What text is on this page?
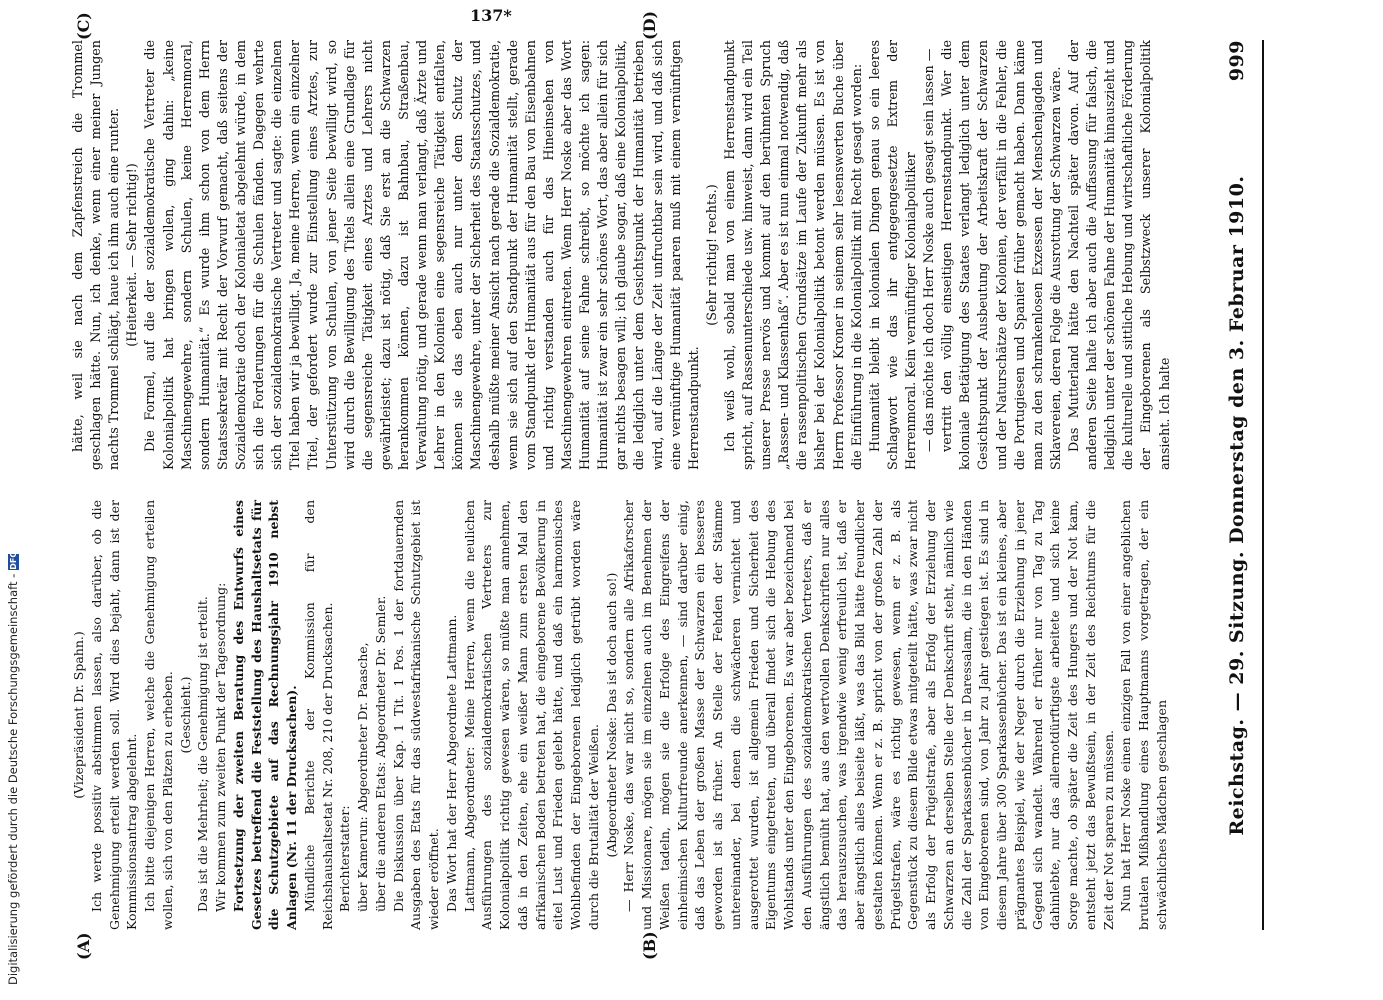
Reichstag. — 29. Sitzung. Donnerstag den 3. Februar 1910.
999

(Vizepräsident Dr. Spahn.) Ich werde possitiv abstimmen lassen, also darüber, ob die Genehmigung erteilt werden soll. Wird dies bejaht, dann ist der Kommissionsantrag abgelehnt. Ich bitte diejenigen Herren, welche die Genehmigung erteilen wollen, sich von den Plätzen zu erheben. (Geschieht.) Das ist die Mehrheit; die Genehmigung ist erteilt. Wir kommen zum zweiten Punkt der Tagesordnung: Fortsetzung der zweiten Beratung des Entwurfs eines Gesetzes betreffend die Feststellung des Haushaltsetats für die Schutzgebiete auf das Rechnungsjahr 1910 nebst Anlagen (Nr. 11 der Drucksachen). Mündliche Berichte der Kommission für den Reichshaushaltsetat Nr. 208, 210 der Drucksachen. Berichterstatter: über Kamerun: Abgeordneter Dr. Paasche, über die anderen Etats: Abgeordneter Dr. Semler. Die Diskussion über Kap. 1 Tit. 1 Pos. 1 der fortdauernden Ausgaben des Etats für das südwestafrikanische Schutzgebiet ist wieder eröffnet. Das Wort hat der Herr Abgeordnete Lattmann. Lattmann, Abgeordneter: Meine Herren, wenn die neulichen Ausführungen des sozialdemokratischen Vertreters zur Kolonialpolitik richtig gewesen wären, so müßte man annehmen, daß in den Zeiten, ehe ein weißer Mann zum ersten Mal den afrikanischen Boden betreten hat, die eingeborene Bevölkerung in eitel Lust und Frieden gelebt hätte, und daß ein harmonisches Wohlbefinden der Eingeborenen lediglich getrübt worden wäre durch die Brutalität der Weißen. (Abgeordneter Noske: Das ist doch auch so!) — Herr Noske, das war nicht so, sondern alle Afrikaforscher und Missionare, mögen sie im einzelnen auch im Benehmen der Weißen tadeln, mögen sie die Erfolge des Eingreifens der einheimischen Kulturfreunde anerkennen, — sind darüber einig, daß das Leben der großen Masse der Schwarzen ein besseres geworden ist als früher. An Stelle der Fehden der Stämme untereinander, bei denen die schwächeren vernichtet und ausgerottet wurden, ist allgemein Frieden und Sicherheit des Eigentums eingetreten, und überall findet sich die Hebung des Wohlstands unter den Eingeborenen. Es war aber bezeichnend bei den Ausführungen des sozialdemokratischen Vertreters, daß er ängstlich bemüht hat, aus den wertvollen Denkschriften nur alles das herauszusuchen, was irgendwie wenig erfreulich ist, daß er aber ängstlich alles beiseite läßt, was das Bild hätte freundlicher gestalten können. Wenn er z. B. spricht von der großen Zahl der Prügelstrafen, wäre es richtig gewesen, wenn er z. B. als Gegenstück zu diesem Bilde etwas mitgeteilt hätte, was zwar nicht als Erfolg der Prügelstrafe, aber als Erfolg der Erziehung der Schwarzen an derselben Stelle der Denkschrift steht, nämlich wie die Zahl der Sparkassenbücher in Daressalam, die in den Händen von Eingeborenen sind, von Jahr zu Jahr gestiegen ist. Es sind in diesem Jahre über 300 Sparkassenbücher. Das ist ein kleines, aber prägnantes Beispiel, wie der Neger durch die Erziehung in jener Gegend sich wandelt. Während er früher nur von Tag zu Tag dahinlebte, nur das allernotdürftigste arbeitete und sich keine Sorge machte, ob später die Zeit des Hungers und der Not kam, entsteht jetzt das Bewußtsein, in der Zeit des Reichtums für die Zeit der Not sparen zu müssen. Nun hat Herr Noske einen einzigen Fall von einer angeblichen brutalen Mißhandlung eines Hauptmanns vorgetragen, der ein schwächliches Mädchen geschlagen

hätte, weil sie nach dem Zapfenstreich die Trommel geschlagen hätte. Nun, ich denke, wenn einer meiner Jungen nachts Trommel schlägt, haue ich ihm auch eine runter. (Heiterkeit. — Sehr richtig!) Die Formel, auf die der sozialdemokratische Vertreter die Kolonialpolitik hat bringen wollen, ging dahin: „keine Maschinengewehre, sondern Schulen, keine Herrenmoral, sondern Humanität.“ Es wurde ihm schon von dem Herrn Staatssekretär mit Recht der Vorwurf gemacht, daß seitens der Sozialdemokratie doch der Kolonialetat abgelehnt würde, in dem sich die Forderungen für die Schulen fänden. Dagegen wehrte sich der sozialdemokratische Vertreter und sagte: die einzelnen Titel haben wir ja bewilligt. Ja, meine Herren, wenn ein einzelner Titel, der gefordert wurde zur Einstellung eines Arztes, zur Unterstützung von Schulen, von jener Seite bewilligt wird, so wird durch die Bewilligung des Titels allein eine Grundlage für die segensreiche Tätigkeit eines Arztes und Lehrers nicht gewährleistet; dazu ist nötig, daß Sie erst an die Schwarzen herankommen können, dazu ist Bahnbau, Straßenbau, Verwaltung nötig, und gerade wenn man verlangt, daß Ärzte und Lehrer in den Kolonien eine segensreiche Tätigkeit entfalten, können sie das eben auch nur unter dem Schutz der Maschinengewehre, unter der Sicherheit des Staatsschutzes, und deshalb müßte meiner Ansicht nach gerade die Sozialdemokratie, wenn sie sich auf den Standpunkt der Humanität stellt, gerade vom Standpunkt der Humanität aus für den Bau von Eisenbahnen und richtig verstanden auch für das Hineinsehen von Maschinengewehren eintreten. Wenn Herr Noske aber das Wort Humanität auf seine Fahne schreibt, so möchte ich sagen: Humanität ist zwar ein sehr schönes Wort, das aber allein für sich gar nichts besagen will; ich glaube sogar, daß eine Kolonialpolitik, die lediglich unter dem Gesichtspunkt der Humanität betrieben wird, auf die Länge der Zeit unfruchtbar sein wird, und daß sich eine vernünftige Humanität paaren muß mit einem vernünftigen Herrenstandpunkt.

(Sehr richtig! rechts.) Ich weiß wohl, sobald man von einem Herrenstandpunkt spricht, auf Rassenunterschiede usw. hinweist, dann wird ein Teil unserer Presse nervös und kommt auf den berühmten Spruch „Rassen- und Klassenhaß“. Aber es ist nun einmal notwendig, daß die rassenpolitischen Grundsätze im Laufe der Zukunft mehr als bisher bei der Kolonialpolitik betont werden müssen. Es ist von Herrn Professor Kroner in seinem sehr lesenswerten Buche über die Einführung in die Kolonialpolitik mit Recht gesagt worden: Humanität bleibt in kolonialen Dingen genau so ein leeres Schlagwort wie das ihr entgegengesetzte Extrem der Herrenmoral. Kein vernünftiger Kolonialpolitiker — das möchte ich doch Herr Noske auch gesagt sein lassen — vertritt den völlig einseitigen Herrenstandpunkt. Wer die koloniale Betätigung des Staates verlangt lediglich unter dem Gesichtspunkt der Ausbeutung der Arbeitskraft der Schwarzen und der Naturschätze der Kolonien, der verfällt in die Fehler, die die Portugiesen und Spanier früher gemacht haben. Dann käme man zu den schrankenlosen Exzessen der Menschenjagden und Sklavereien, deren Folge die Ausrottung der Schwarzen wäre. Das Mutterland hätte den Nachteil später davon. Auf der anderen Seite halte ich aber auch die Auffassung für falsch, die lediglich unter der schönen Fahne der Humanität hinauszieht und die kulturelle und sittliche Hebung und wirtschaftliche Förderung der Eingeborenen als Selbstzweck unserer Kolonialpolitik ansieht. Ich halte

(A)	(B)
(C)	(D)
137*
Digitalisierung gefördert durch die Deutsche Forschungsgemeinschaft -
DFG
